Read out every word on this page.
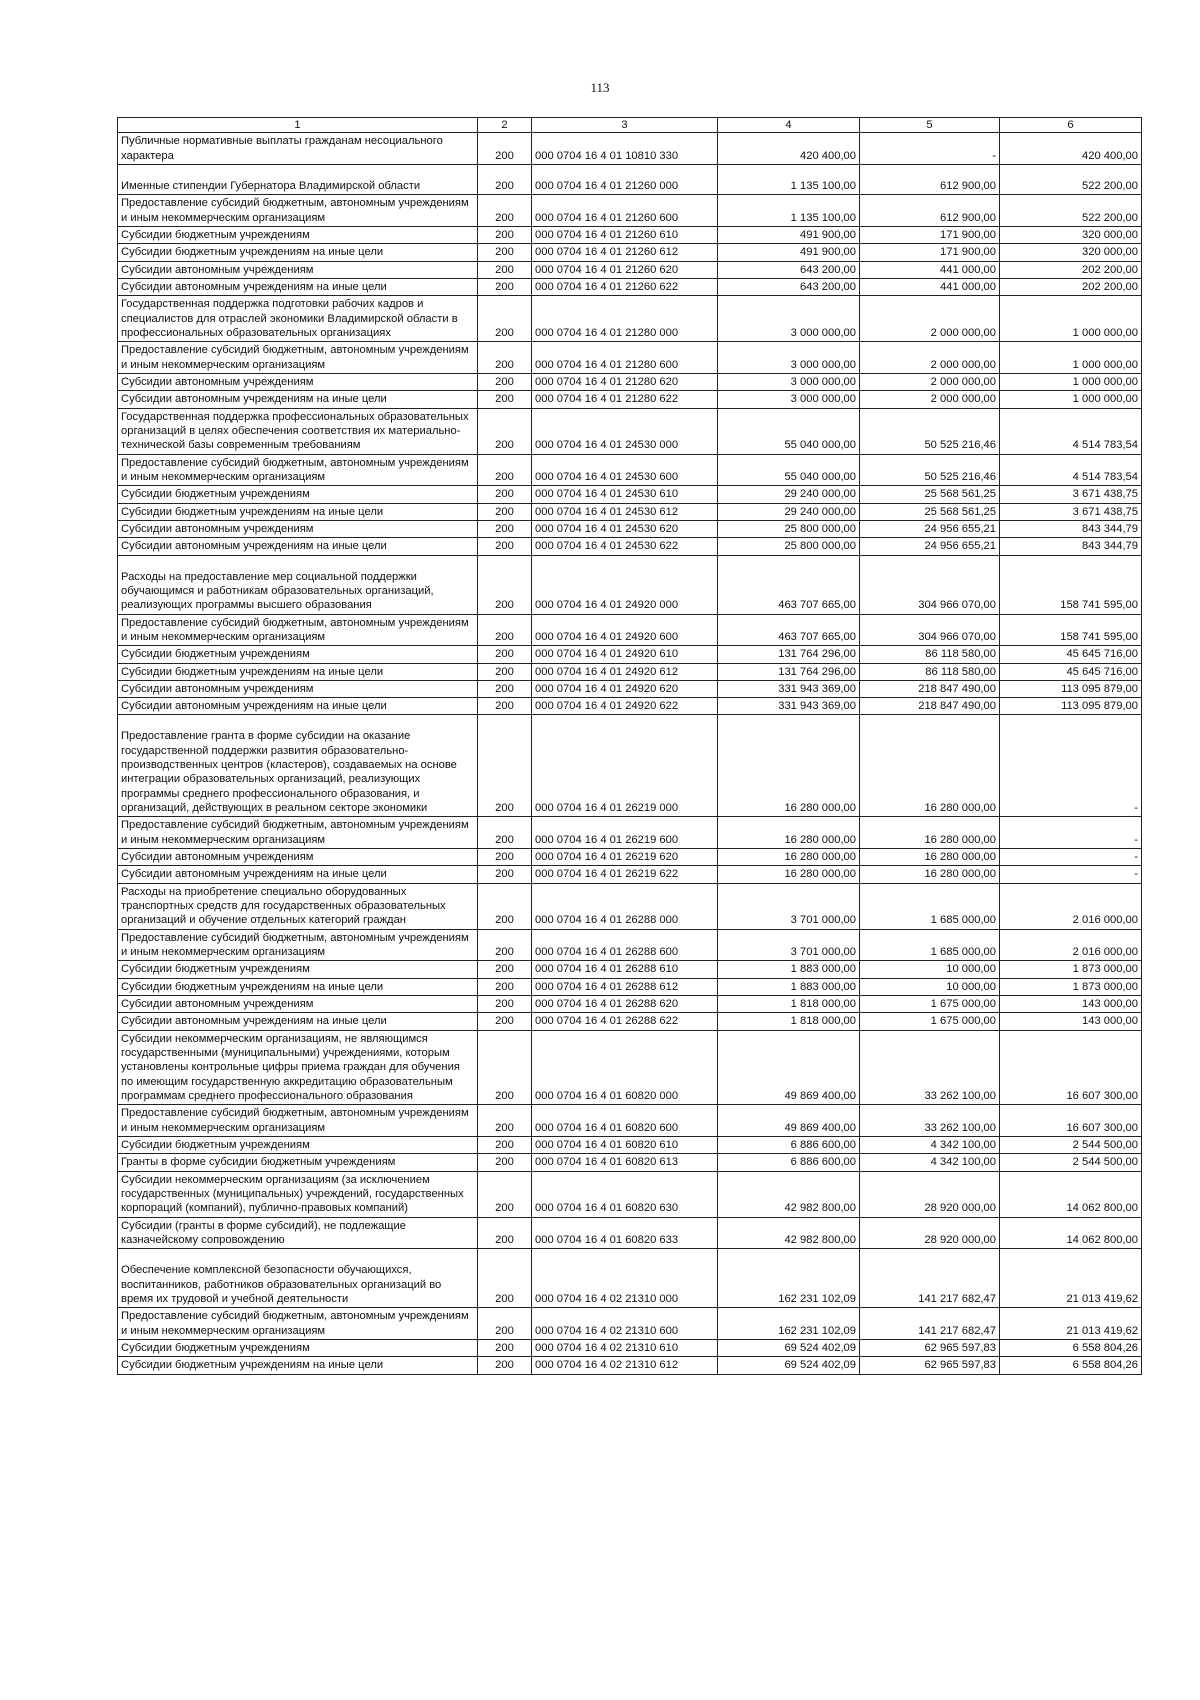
113
1	2	3	4	5	6
Публичные нормативные выплаты гражданам несоциального характера	200	000 0704 16 4 01 10810 330	420 400,00	-	420 400,00
Именные стипендии Губернатора Владимирской области	200	000 0704 16 4 01 21260 000	1 135 100,00	612 900,00	522 200,00
Предоставление субсидий бюджетным, автономным учреждениям и иным некоммерческим организациям	200	000 0704 16 4 01 21260 600	1 135 100,00	612 900,00	522 200,00
Субсидии бюджетным учреждениям	200	000 0704 16 4 01 21260 610	491 900,00	171 900,00	320 000,00
Субсидии бюджетным учреждениям на иные цели	200	000 0704 16 4 01 21260 612	491 900,00	171 900,00	320 000,00
Субсидии автономным учреждениям	200	000 0704 16 4 01 21260 620	643 200,00	441 000,00	202 200,00
Субсидии автономным учреждениям на иные цели	200	000 0704 16 4 01 21260 622	643 200,00	441 000,00	202 200,00
Государственная поддержка подготовки рабочих кадров и специалистов для отраслей экономики Владимирской области в профессиональных образовательных организациях	200	000 0704 16 4 01 21280 000	3 000 000,00	2 000 000,00	1 000 000,00
Предоставление субсидий бюджетным, автономным учреждениям и иным некоммерческим организациям	200	000 0704 16 4 01 21280 600	3 000 000,00	2 000 000,00	1 000 000,00
Субсидии автономным учреждениям	200	000 0704 16 4 01 21280 620	3 000 000,00	2 000 000,00	1 000 000,00
Субсидии автономным учреждениям на иные цели	200	000 0704 16 4 01 21280 622	3 000 000,00	2 000 000,00	1 000 000,00
Государственная поддержка профессиональных образовательных организаций в целях обеспечения соответствия их материально-технической базы современным требованиям	200	000 0704 16 4 01 24530 000	55 040 000,00	50 525 216,46	4 514 783,54
Предоставление субсидий бюджетным, автономным учреждениям и иным некоммерческим организациям	200	000 0704 16 4 01 24530 600	55 040 000,00	50 525 216,46	4 514 783,54
Субсидии бюджетным учреждениям	200	000 0704 16 4 01 24530 610	29 240 000,00	25 568 561,25	3 671 438,75
Субсидии бюджетным учреждениям на иные цели	200	000 0704 16 4 01 24530 612	29 240 000,00	25 568 561,25	3 671 438,75
Субсидии автономным учреждениям	200	000 0704 16 4 01 24530 620	25 800 000,00	24 956 655,21	843 344,79
Субсидии автономным учреждениям на иные цели	200	000 0704 16 4 01 24530 622	25 800 000,00	24 956 655,21	843 344,79
Расходы на предоставление мер социальной поддержки обучающимся и работникам образовательных организаций, реализующих программы высшего образования	200	000 0704 16 4 01 24920 000	463 707 665,00	304 966 070,00	158 741 595,00
Предоставление субсидий бюджетным, автономным учреждениям и иным некоммерческим организациям	200	000 0704 16 4 01 24920 600	463 707 665,00	304 966 070,00	158 741 595,00
Субсидии бюджетным учреждениям	200	000 0704 16 4 01 24920 610	131 764 296,00	86 118 580,00	45 645 716,00
Субсидии бюджетным учреждениям на иные цели	200	000 0704 16 4 01 24920 612	131 764 296,00	86 118 580,00	45 645 716,00
Субсидии автономным учреждениям	200	000 0704 16 4 01 24920 620	331 943 369,00	218 847 490,00	113 095 879,00
Субсидии автономным учреждениям на иные цели	200	000 0704 16 4 01 24920 622	331 943 369,00	218 847 490,00	113 095 879,00
Предоставление гранта в форме субсидии на оказание государственной поддержки развития образовательно-производственных центров (кластеров), создаваемых на основе интеграции образовательных организаций, реализующих программы среднего профессионального образования, и организаций, действующих в реальном секторе экономики	200	000 0704 16 4 01 26219 000	16 280 000,00	16 280 000,00	-
Предоставление субсидий бюджетным, автономным учреждениям и иным некоммерческим организациям	200	000 0704 16 4 01 26219 600	16 280 000,00	16 280 000,00	-
Субсидии автономным учреждениям	200	000 0704 16 4 01 26219 620	16 280 000,00	16 280 000,00	-
Субсидии автономным учреждениям на иные цели	200	000 0704 16 4 01 26219 622	16 280 000,00	16 280 000,00	-
Расходы на приобретение специально оборудованных транспортных средств для государственных образовательных организаций и обучение отдельных категорий граждан	200	000 0704 16 4 01 26288 000	3 701 000,00	1 685 000,00	2 016 000,00
Предоставление субсидий бюджетным, автономным учреждениям и иным некоммерческим организациям	200	000 0704 16 4 01 26288 600	3 701 000,00	1 685 000,00	2 016 000,00
Субсидии бюджетным учреждениям	200	000 0704 16 4 01 26288 610	1 883 000,00	10 000,00	1 873 000,00
Субсидии бюджетным учреждениям на иные цели	200	000 0704 16 4 01 26288 612	1 883 000,00	10 000,00	1 873 000,00
Субсидии автономным учреждениям	200	000 0704 16 4 01 26288 620	1 818 000,00	1 675 000,00	143 000,00
Субсидии автономным учреждениям на иные цели	200	000 0704 16 4 01 26288 622	1 818 000,00	1 675 000,00	143 000,00
Субсидии некоммерческим организациям, не являющимся государственными (муниципальными) учреждениями, которым установлены контрольные цифры приема граждан для обучения по имеющим государственную аккредитацию образовательным программам среднего профессионального образования	200	000 0704 16 4 01 60820 000	49 869 400,00	33 262 100,00	16 607 300,00
Предоставление субсидий бюджетным, автономным учреждениям и иным некоммерческим организациям	200	000 0704 16 4 01 60820 600	49 869 400,00	33 262 100,00	16 607 300,00
Субсидии бюджетным учреждениям	200	000 0704 16 4 01 60820 610	6 886 600,00	4 342 100,00	2 544 500,00
Гранты в форме субсидии бюджетным учреждениям	200	000 0704 16 4 01 60820 613	6 886 600,00	4 342 100,00	2 544 500,00
Субсидии некоммерческим организациям (за исключением государственных (муниципальных) учреждений, государственных корпораций (компаний), публично-правовых компаний)	200	000 0704 16 4 01 60820 630	42 982 800,00	28 920 000,00	14 062 800,00
Субсидии (гранты в форме субсидий), не подлежащие казначейскому сопровождению	200	000 0704 16 4 01 60820 633	42 982 800,00	28 920 000,00	14 062 800,00
Обеспечение комплексной безопасности обучающихся, воспитанников, работников образовательных организаций во время их трудовой и учебной деятельности	200	000 0704 16 4 02 21310 000	162 231 102,09	141 217 682,47	21 013 419,62
Предоставление субсидий бюджетным, автономным учреждениям и иным некоммерческим организациям	200	000 0704 16 4 02 21310 600	162 231 102,09	141 217 682,47	21 013 419,62
Субсидии бюджетным учреждениям	200	000 0704 16 4 02 21310 610	69 524 402,09	62 965 597,83	6 558 804,26
Субсидии бюджетным учреждениям на иные цели	200	000 0704 16 4 02 21310 612	69 524 402,09	62 965 597,83	6 558 804,26
